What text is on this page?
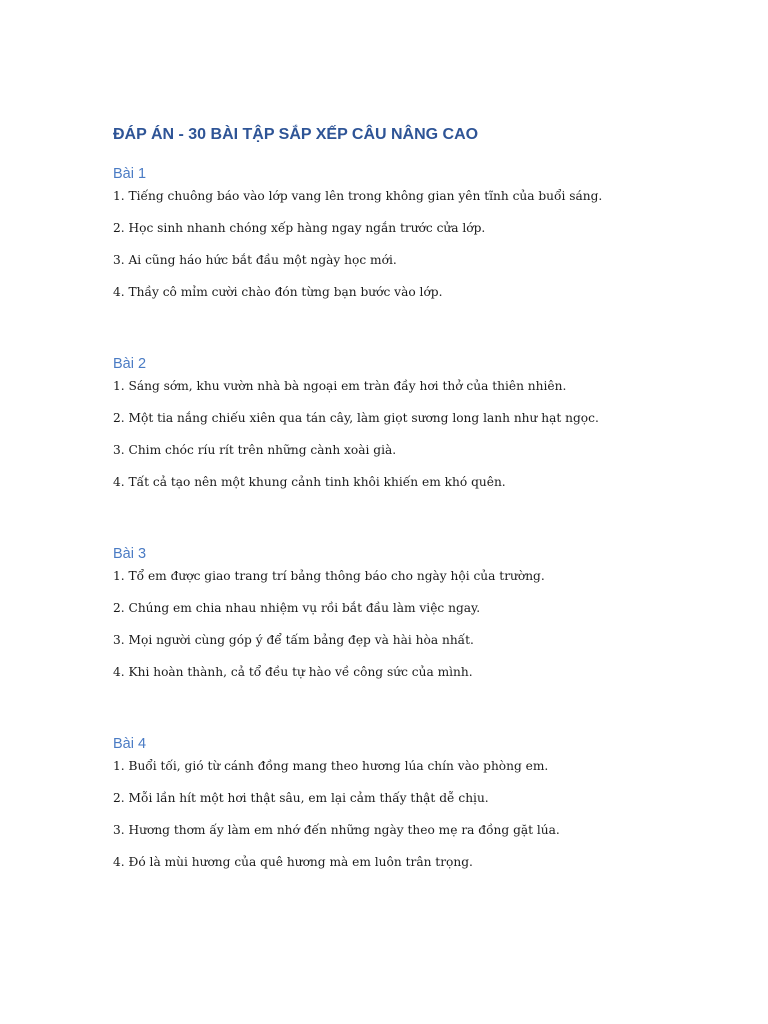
ĐÁP ÁN - 30 BÀI TẬP SẮP XẾP CÂU NÂNG CAO
Bài 1

1. Tiếng chuông báo vào lớp vang lên trong không gian yên tĩnh của buổi sáng.

2. Học sinh nhanh chóng xếp hàng ngay ngắn trước cửa lớp.

3. Ai cũng háo hức bắt đầu một ngày học mới.

4. Thầy cô mỉm cười chào đón từng bạn bước vào lớp.

Bài 2

1. Sáng sớm, khu vườn nhà bà ngoại em tràn đầy hơi thở của thiên nhiên.

2. Một tia nắng chiếu xiên qua tán cây, làm giọt sương long lanh như hạt ngọc.

3. Chim chóc ríu rít trên những cành xoài già.

4. Tất cả tạo nên một khung cảnh tinh khôi khiến em khó quên.

Bài 3

1. Tổ em được giao trang trí bảng thông báo cho ngày hội của trường.

2. Chúng em chia nhau nhiệm vụ rồi bắt đầu làm việc ngay.

3. Mọi người cùng góp ý để tấm bảng đẹp và hài hòa nhất.

4. Khi hoàn thành, cả tổ đều tự hào về công sức của mình.

Bài 4

1. Buổi tối, gió từ cánh đồng mang theo hương lúa chín vào phòng em.

2. Mỗi lần hít một hơi thật sâu, em lại cảm thấy thật dễ chịu.

3. Hương thơm ấy làm em nhớ đến những ngày theo mẹ ra đồng gặt lúa.

4. Đó là mùi hương của quê hương mà em luôn trân trọng.
